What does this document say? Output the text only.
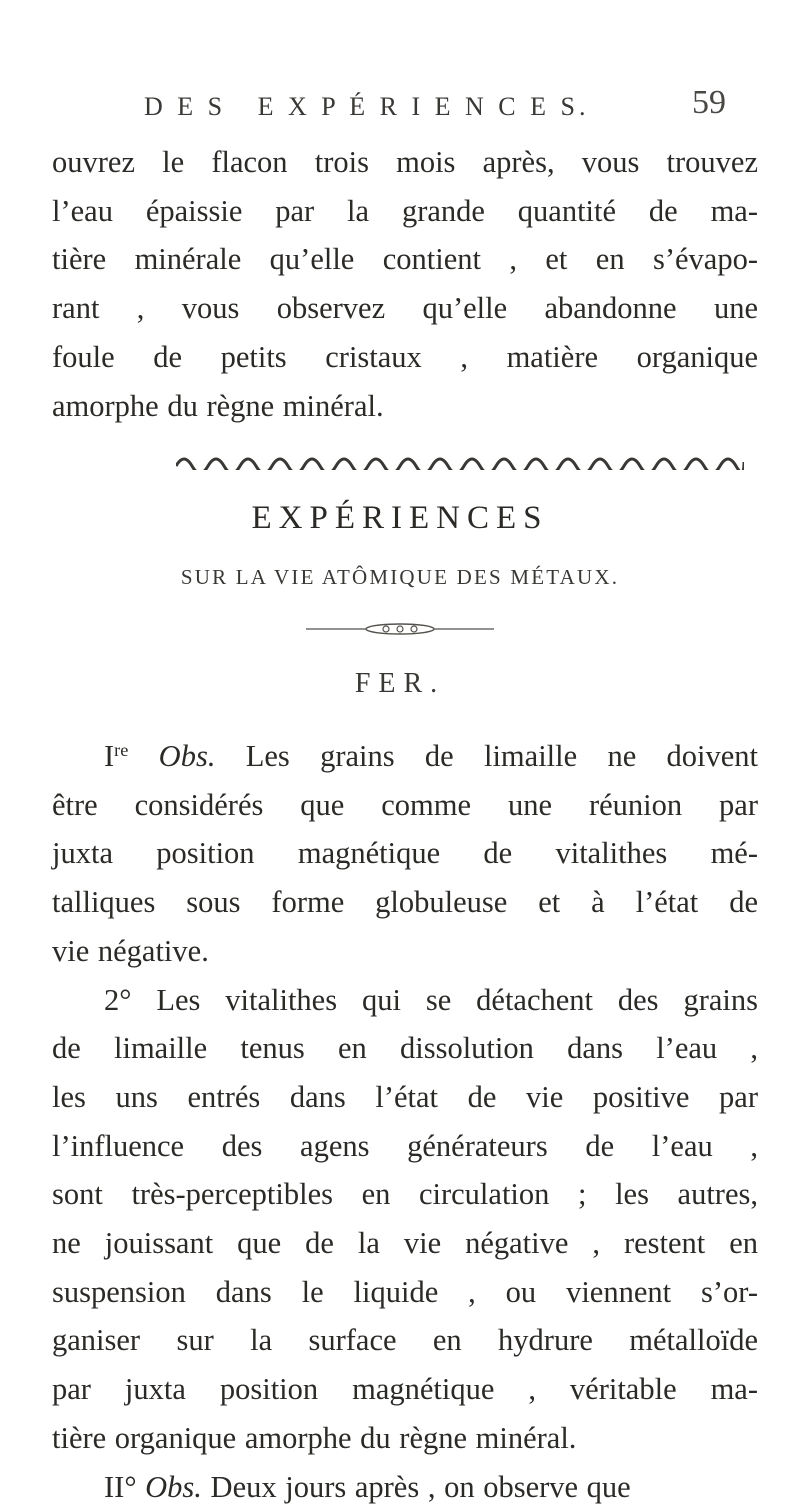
D E S   E X P É R I E N C E S.	59
ouvrez le flacon trois mois après, vous trouvez
l’eau épaissie par la grande quantité de ma-
tière minérale qu’elle contient , et en s’évapo-
rant , vous observez qu’elle abandonne une
foule de petits cristaux , matière organique
amorphe du règne minéral.
EXPÉRIENCES
SUR LA VIE ATÔMIQUE DES MÉTAUX.
FER.
Ire Obs. Les grains de limaille ne doivent
être considérés que comme une réunion par
juxta position magnétique de vitalithes mé-
talliques sous forme globuleuse et à l’état de
vie négative.
2° Les vitalithes qui se détachent des grains
de limaille tenus en dissolution dans l’eau ,
les uns entrés dans l’état de vie positive par
l’influence des agens générateurs de l’eau ,
sont très-perceptibles en circulation ; les autres,
ne jouissant que de la vie négative , restent en
suspension dans le liquide , ou viennent s’or-
ganiser sur la surface en hydrure métalloïde
par juxta position magnétique , véritable ma-
tière organique amorphe du règne minéral.
II° Obs. Deux jours après , on observe que
